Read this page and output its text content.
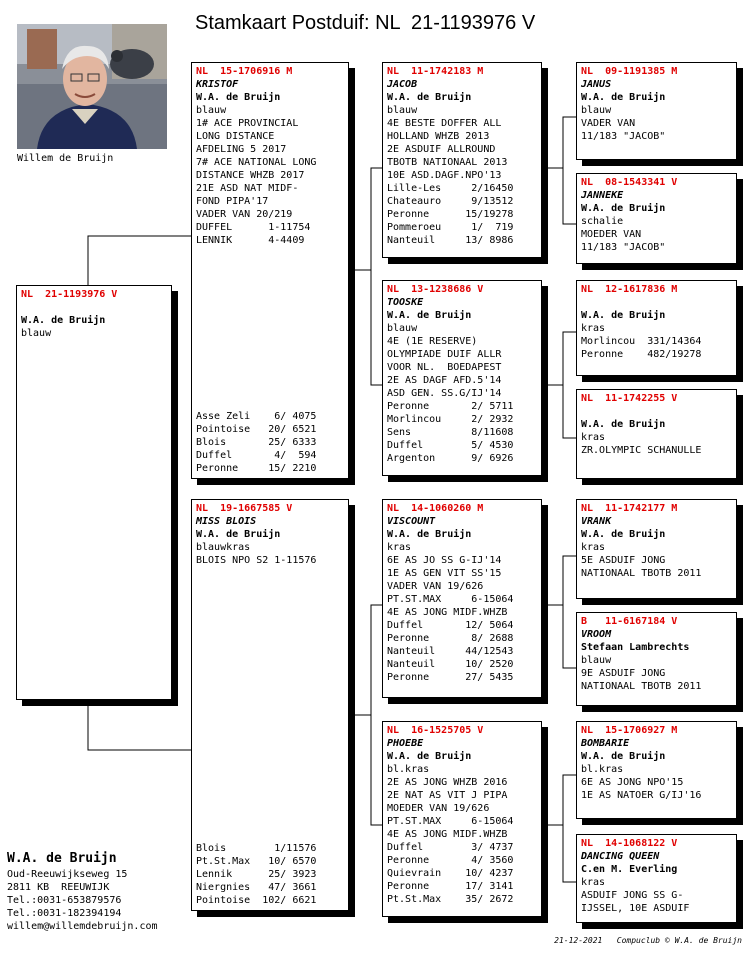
Stamkaart Postduif: NL  21-1193976 V
Willem de Bruijn
NL  21-1193976 V

W.A. de Bruijn
blauw
NL  15-1706916 M
KRISTOF
W.A. de Bruijn
blauw
1# ACE PROVINCIAL
LONG DISTANCE
AFDELING 5 2017
7# ACE NATIONAL LONG
DISTANCE WHZB 2017
21E ASD NAT MIDF-
FOND PIPA'17
VADER VAN 20/219
DUFFEL      1-11754
LENNIK      4-4409
Asse Zeli    6/ 4075
Pointoise   20/ 6521
Blois       25/ 6333
Duffel       4/  594
Peronne     15/ 2210
NL  19-1667585 V
MISS BLOIS
W.A. de Bruijn
blauwkras
BLOIS NPO S2 1-11576
Blois        1/11576
Pt.St.Max   10/ 6570
Lennik      25/ 3923
Niergnies   47/ 3661
Pointoise  102/ 6621
NL  11-1742183 M
JACOB
W.A. de Bruijn
blauw
4E BESTE DOFFER ALL
HOLLAND WHZB 2013
2E ASDUIF ALLROUND
TBOTB NATIONAAL 2013
10E ASD.DAGF.NPO'13
Lille-Les     2/16450
Chateauro     9/13512
Peronne      15/19278
Pommeroeu     1/  719
Nanteuil     13/ 8986
NL  13-1238686 V
TOOSKE
W.A. de Bruijn
blauw
4E (1E RESERVE)
OLYMPIADE DUIF ALLR
VOOR NL.  BOEDAPEST
2E AS DAGF AFD.5'14
ASD GEN. SS.G/IJ'14
Peronne       2/ 5711
Morlincou     2/ 2932
Sens          8/11608
Duffel        5/ 4530
Argenton      9/ 6926
NL  14-1060260 M
VISCOUNT
W.A. de Bruijn
kras
6E AS JO SS G-IJ'14
1E AS GEN VIT SS'15
VADER VAN 19/626
PT.ST.MAX     6-15064
4E AS JONG MIDF.WHZB
Duffel       12/ 5064
Peronne       8/ 2688
Nanteuil     44/12543
Nanteuil     10/ 2520
Peronne      27/ 5435
NL  16-1525705 V
PHOEBE
W.A. de Bruijn
bl.kras
2E AS JONG WHZB 2016
2E NAT AS VIT J PIPA
MOEDER VAN 19/626
PT.ST.MAX     6-15064
4E AS JONG MIDF.WHZB
Duffel        3/ 4737
Peronne       4/ 3560
Quievrain    10/ 4237
Peronne      17/ 3141
Pt.St.Max    35/ 2672
NL  09-1191385 M
JANUS
W.A. de Bruijn
blauw
VADER VAN
11/183 "JACOB"
NL  08-1543341 V
JANNEKE
W.A. de Bruijn
schalie
MOEDER VAN
11/183 "JACOB"
NL  12-1617836 M

W.A. de Bruijn
kras
Morlincou  331/14364
Peronne    482/19278
NL  11-1742255 V

W.A. de Bruijn
kras
ZR.OLYMPIC SCHANULLE
NL  11-1742177 M
VRANK
W.A. de Bruijn
kras
5E ASDUIF JONG
NATIONAAL TBOTB 2011
B   11-6167184 V
VROOM
Stefaan Lambrechts
blauw
9E ASDUIF JONG
NATIONAAL TBOTB 2011
NL  15-1706927 M
BOMBARIE
W.A. de Bruijn
bl.kras
6E AS JONG NPO'15
1E AS NATOER G/IJ'16
NL  14-1068122 V
DANCING QUEEN
C.en M. Everling
kras
ASDUIF JONG SS G-
IJSSEL, 10E ASDUIF
W.A. de Bruijn
Oud-Reeuwijkseweg 15
2811 KB  REEUWIJK
Tel.:0031-653879576
Tel.:0031-182394194
willem@willemdebruijn.com
21-12-2021   Compuclub © W.A. de Bruijn
